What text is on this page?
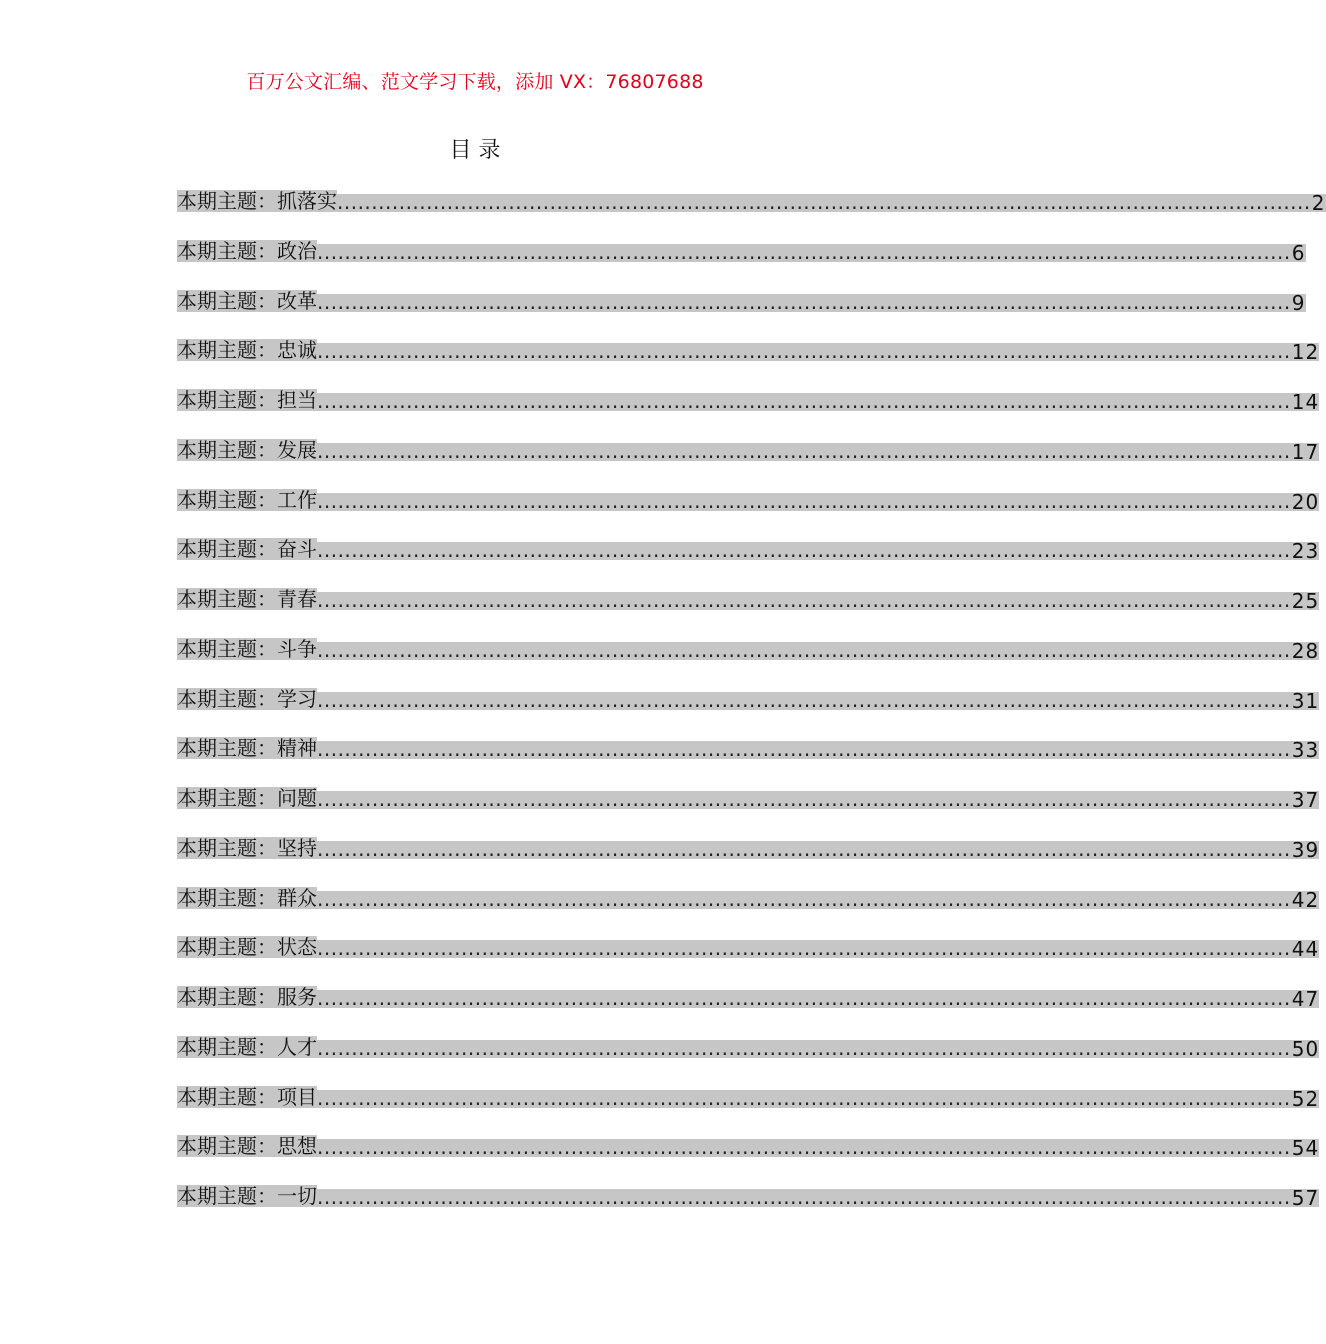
百万公文汇编、范文学习下载，添加 VX：76807688
目 录
本期主题：抓落实 .............................................................................................................................................. 2
本期主题：政治 .............................................................................................................................................. 6
本期主题：改革 .............................................................................................................................................. 9
本期主题：忠诚 .............................................................................................................................................. 12
本期主题：担当 .............................................................................................................................................. 14
本期主题：发展 .............................................................................................................................................. 17
本期主题：工作 .............................................................................................................................................. 20
本期主题：奋斗 .............................................................................................................................................. 23
本期主题：青春 .............................................................................................................................................. 25
本期主题：斗争 .............................................................................................................................................. 28
本期主题：学习 .............................................................................................................................................. 31
本期主题：精神 .............................................................................................................................................. 33
本期主题：问题 .............................................................................................................................................. 37
本期主题：坚持 .............................................................................................................................................. 39
本期主题：群众 .............................................................................................................................................. 42
本期主题：状态 .............................................................................................................................................. 44
本期主题：服务 .............................................................................................................................................. 47
本期主题：人才 .............................................................................................................................................. 50
本期主题：项目 .............................................................................................................................................. 52
本期主题：思想 .............................................................................................................................................. 54
本期主题：一切 .............................................................................................................................................. 57
